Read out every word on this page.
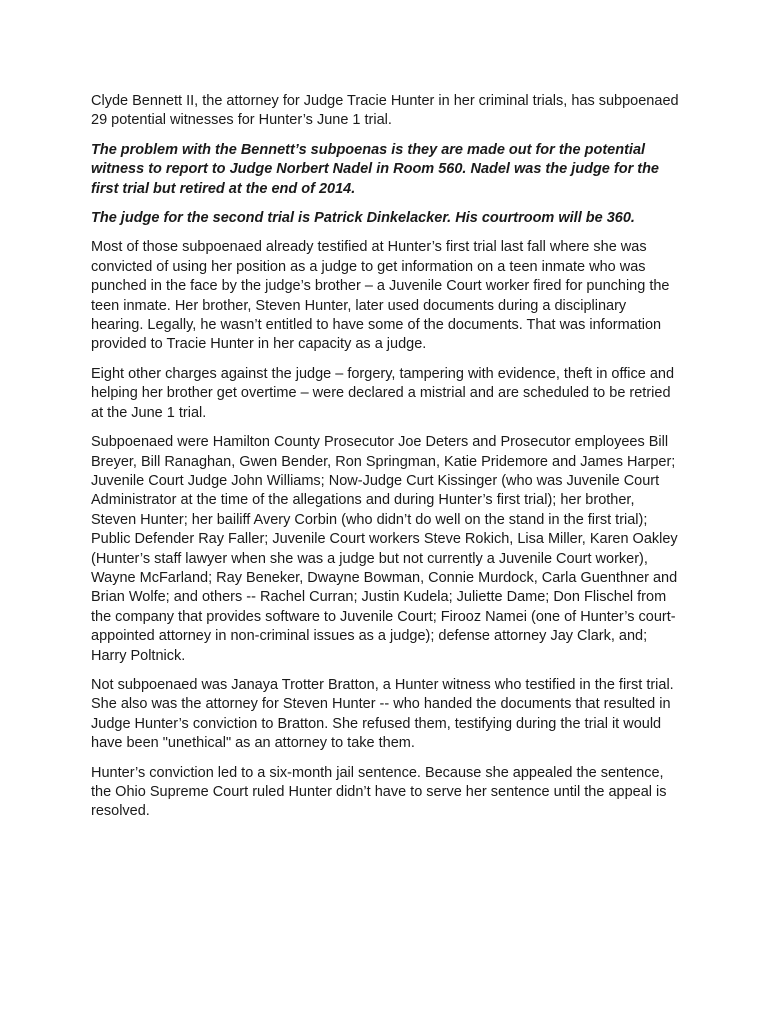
Clyde Bennett II, the attorney for Judge Tracie Hunter in her criminal trials, has subpoenaed 29 potential witnesses for Hunter’s June 1 trial.

The problem with the Bennett’s subpoenas is they are made out for the potential witness to report to Judge Norbert Nadel in Room 560. Nadel was the judge for the first trial but retired at the end of 2014.

The judge for the second trial is Patrick Dinkelacker. His courtroom will be 360.

Most of those subpoenaed already testified at Hunter’s first trial last fall where she was convicted of using her position as a judge to get information on a teen inmate who was punched in the face by the judge’s brother – a Juvenile Court worker fired for punching the teen inmate. Her brother, Steven Hunter, later used documents during a disciplinary hearing. Legally, he wasn’t entitled to have some of the documents. That was information provided to Tracie Hunter in her capacity as a judge.

Eight other charges against the judge – forgery, tampering with evidence, theft in office and helping her brother get overtime – were declared a mistrial and are scheduled to be retried at the June 1 trial.

Subpoenaed were Hamilton County Prosecutor Joe Deters and Prosecutor employees Bill Breyer, Bill Ranaghan, Gwen Bender, Ron Springman, Katie Pridemore and James Harper; Juvenile Court Judge John Williams; Now-Judge Curt Kissinger (who was Juvenile Court Administrator at the time of the allegations and during Hunter’s first trial); her brother, Steven Hunter; her bailiff Avery Corbin (who didn’t do well on the stand in the first trial); Public Defender Ray Faller; Juvenile Court workers Steve Rokich, Lisa Miller, Karen Oakley (Hunter’s staff lawyer when she was a judge but not currently a Juvenile Court worker), Wayne McFarland; Ray Beneker, Dwayne Bowman, Connie Murdock, Carla Guenthner and Brian Wolfe; and others -- Rachel Curran; Justin Kudela; Juliette Dame; Don Flischel from the company that provides software to Juvenile Court; Firooz Namei (one of Hunter’s court-appointed attorney in non-criminal issues as a judge); defense attorney Jay Clark, and; Harry Poltnick.

Not subpoenaed was Janaya Trotter Bratton, a Hunter witness who testified in the first trial. She also was the attorney for Steven Hunter -- who handed the documents that resulted in Judge Hunter’s conviction to Bratton. She refused them, testifying during the trial it would have been "unethical" as an attorney to take them.

Hunter’s conviction led to a six-month jail sentence. Because she appealed the sentence, the Ohio Supreme Court ruled Hunter didn’t have to serve her sentence until the appeal is resolved.
